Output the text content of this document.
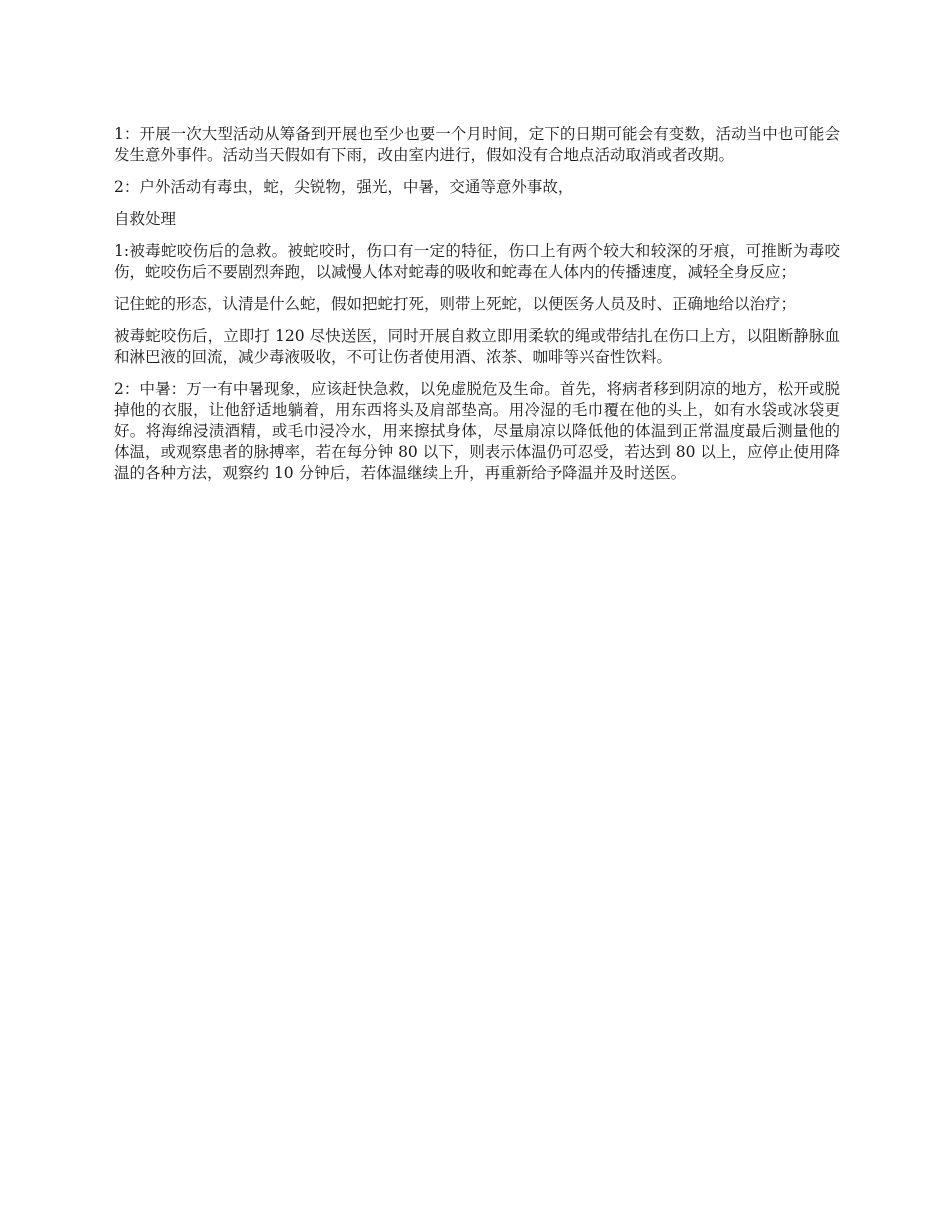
1：开展一次大型活动从筹备到开展也至少也要一个月时间，定下的日期可能会有变数，活动当中也可能会发生意外事件。活动当天假如有下雨，改由室内进行，假如没有合地点活动取消或者改期。

2：户外活动有毒虫，蛇，尖锐物，强光，中暑，交通等意外事故，

自救处理

1:被毒蛇咬伤后的急救。被蛇咬时，伤口有一定的特征，伤口上有两个较大和较深的牙痕，可推断为毒咬伤，蛇咬伤后不要剧烈奔跑，以减慢人体对蛇毒的吸收和蛇毒在人体内的传播速度，减轻全身反应；

记住蛇的形态，认清是什么蛇，假如把蛇打死，则带上死蛇，以便医务人员及时、正确地给以治疗；

被毒蛇咬伤后，立即打 120 尽快送医，同时开展自救立即用柔软的绳或带结扎在伤口上方，以阻断静脉血和淋巴液的回流，减少毒液吸收，不可让伤者使用酒、浓茶、咖啡等兴奋性饮料。

2：中暑：万一有中暑现象，应该赶快急救，以免虚脱危及生命。首先，将病者移到阴凉的地方，松开或脱掉他的衣服，让他舒适地躺着，用东西将头及肩部垫高。用冷湿的毛巾覆在他的头上，如有水袋或冰袋更好。将海绵浸渍酒精，或毛巾浸冷水，用来擦拭身体，尽量扇凉以降低他的体温到正常温度最后测量他的体温，或观察患者的脉搏率，若在每分钟 80 以下，则表示体温仍可忍受，若达到 80 以上，应停止使用降温的各种方法，观察约 10 分钟后，若体温继续上升，再重新给予降温并及时送医。
